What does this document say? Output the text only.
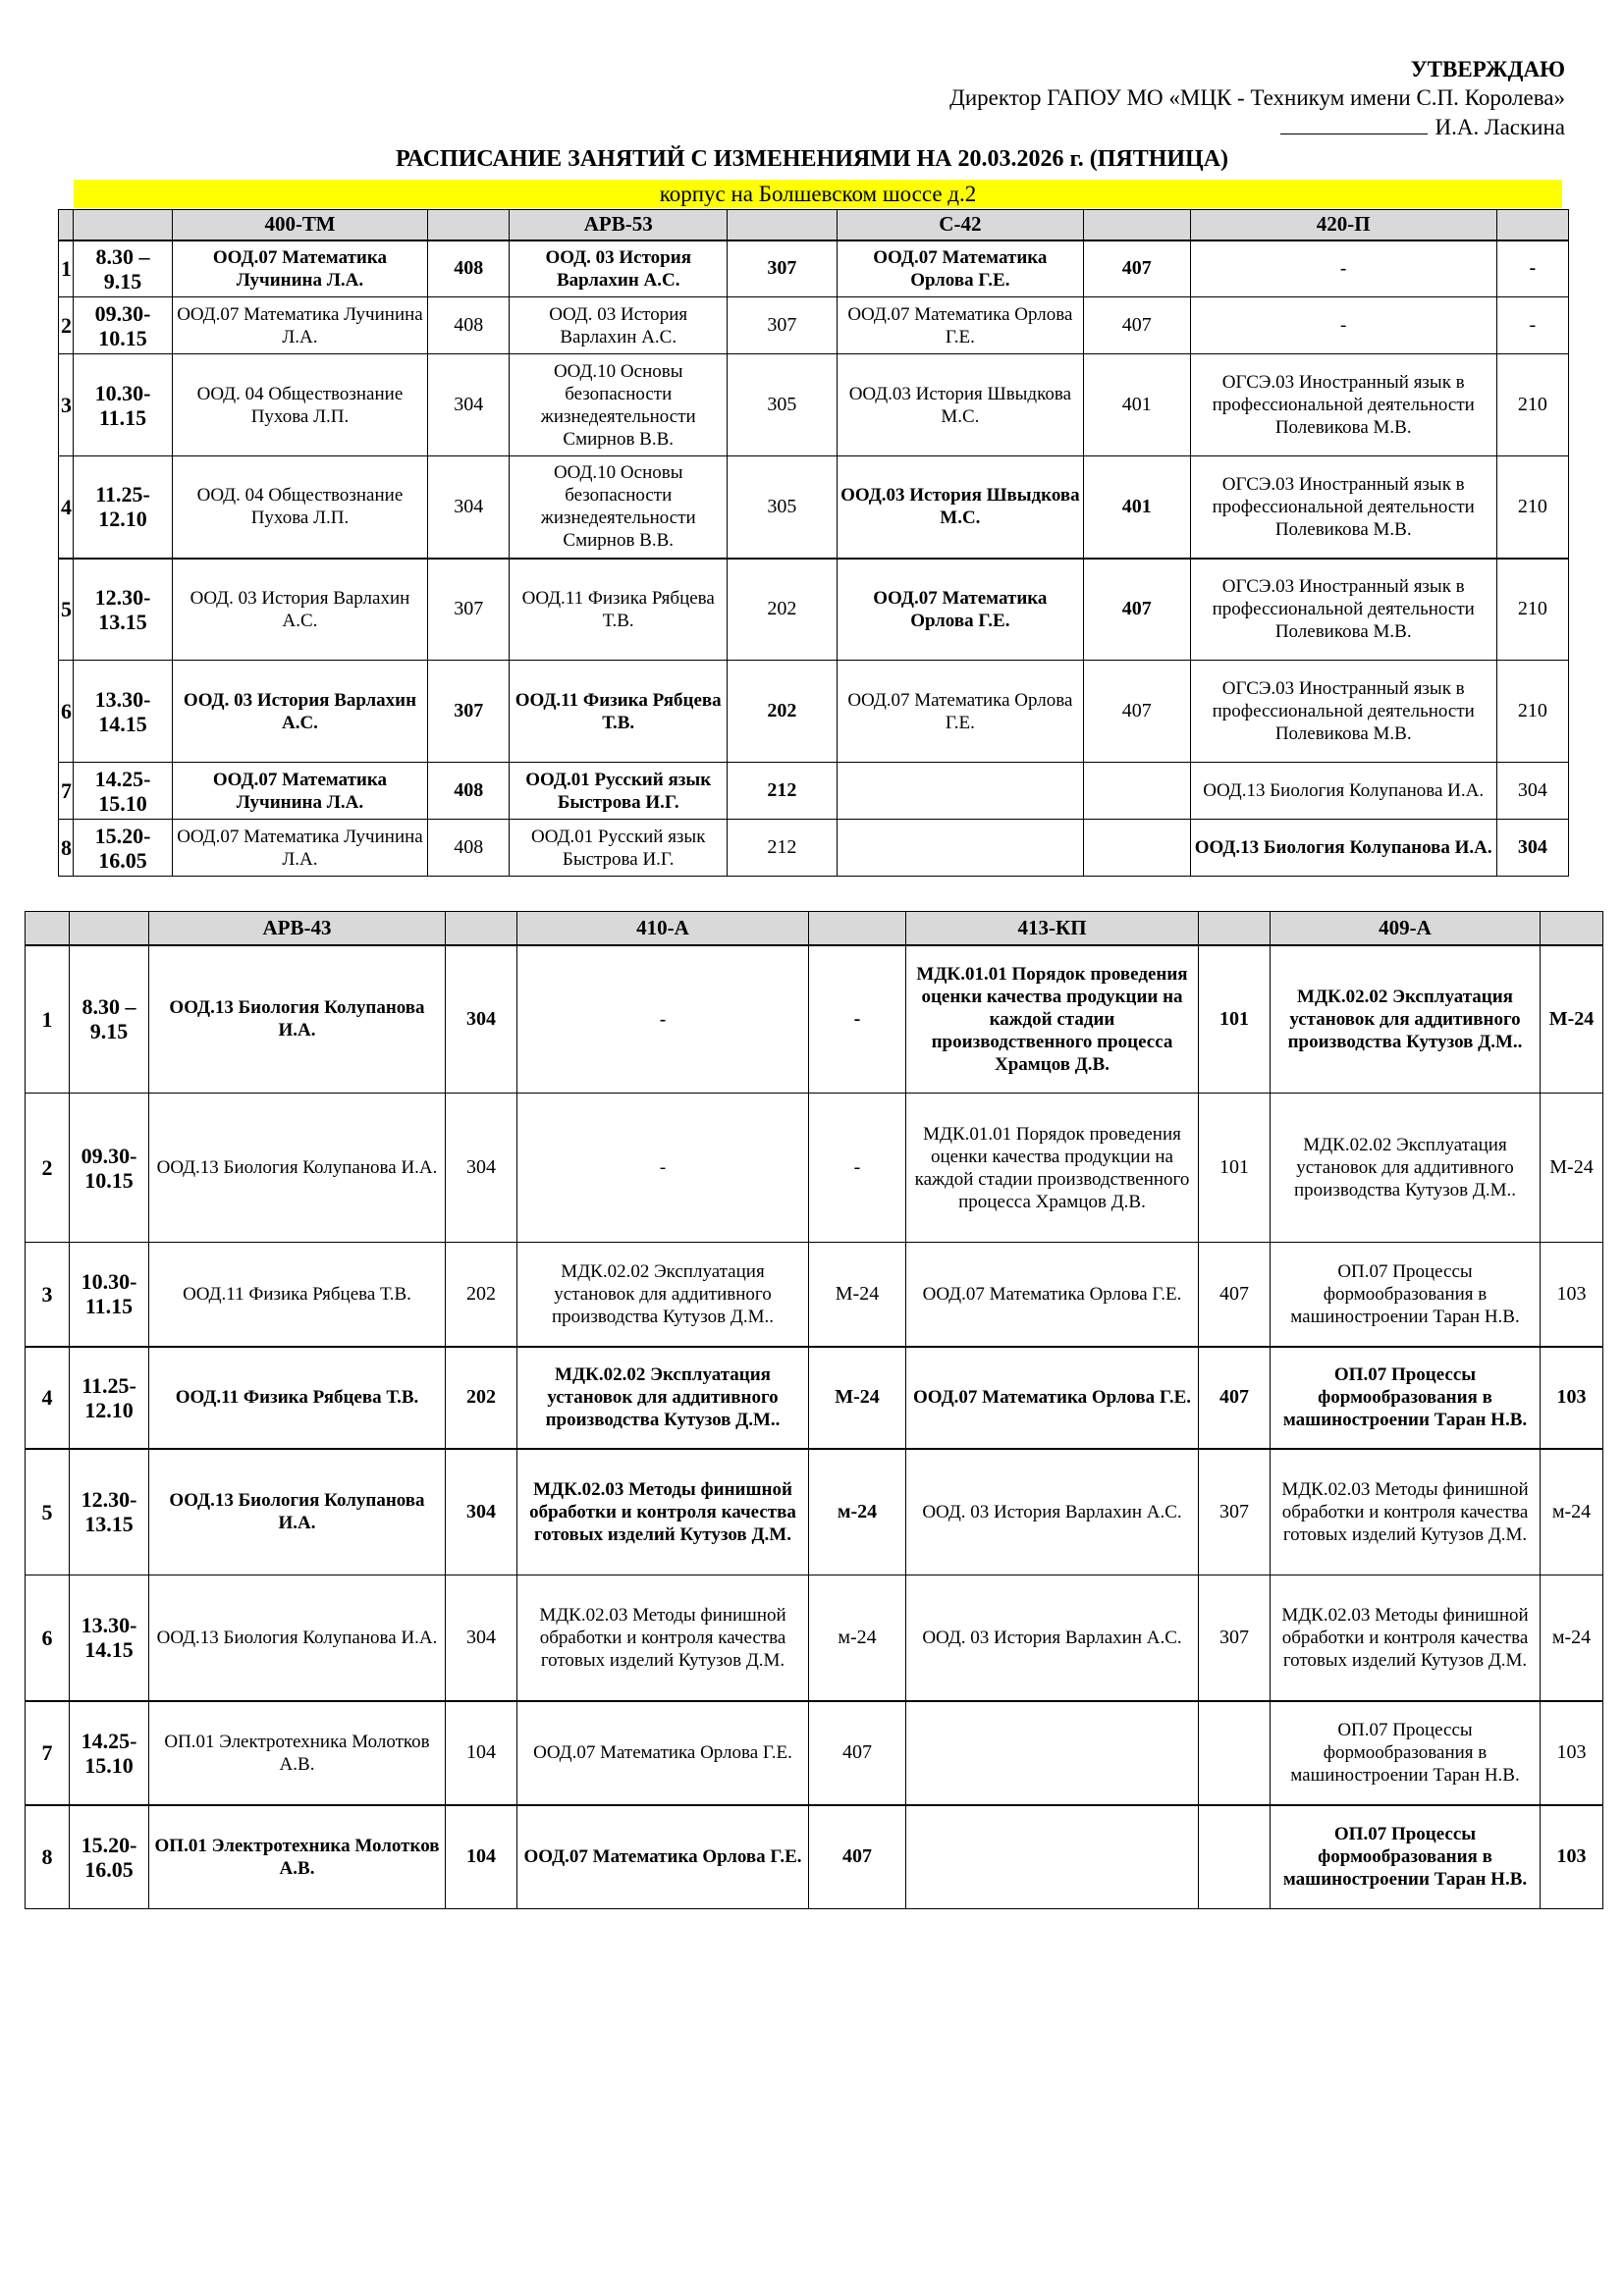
УТВЕРЖДАЮ
Директор ГАПОУ МО «МЦК - Техникум имени С.П. Королева»
И.А. Ласкина
РАСПИСАНИЕ ЗАНЯТИЙ С ИЗМЕНЕНИЯМИ НА 20.03.2026 г. (ПЯТНИЦА)
корпус на Болшевском шоссе д.2
		400-ТМ		АРВ-53		С-42		420-П	
1	8.30 – 9.15	ООД.07 Математика Лучинина Л.А.	408	ООД. 03 История Варлахин А.С.	307	ООД.07 Математика Орлова Г.Е.	407	-	-
2	09.30-10.15	ООД.07 Математика Лучинина Л.А.	408	ООД. 03 История Варлахин А.С.	307	ООД.07 Математика Орлова Г.Е.	407	-	-
3	10.30-11.15	ООД. 04 Обществознание Пухова Л.П.	304	ООД.10 Основы безопасности жизнедеятельности Смирнов В.В.	305	ООД.03 История Швыдкова М.С.	401	ОГСЭ.03 Иностранный язык в профессиональной деятельности Полевикова М.В.	210
4	11.25-12.10	ООД. 04 Обществознание Пухова Л.П.	304	ООД.10 Основы безопасности жизнедеятельности Смирнов В.В.	305	ООД.03 История Швыдкова М.С.	401	ОГСЭ.03 Иностранный язык в профессиональной деятельности Полевикова М.В.	210
5	12.30-13.15	ООД. 03 История Варлахин А.С.	307	ООД.11 Физика Рябцева Т.В.	202	ООД.07 Математика Орлова Г.Е.	407	ОГСЭ.03 Иностранный язык в профессиональной деятельности Полевикова М.В.	210
6	13.30-14.15	ООД. 03 История Варлахин А.С.	307	ООД.11 Физика Рябцева Т.В.	202	ООД.07 Математика Орлова Г.Е.	407	ОГСЭ.03 Иностранный язык в профессиональной деятельности Полевикова М.В.	210
7	14.25-15.10	ООД.07 Математика Лучинина Л.А.	408	ООД.01 Русский язык Быстрова И.Г.	212			ООД.13 Биология Колупанова И.А.	304
8	15.20-16.05	ООД.07 Математика Лучинина Л.А.	408	ООД.01 Русский язык Быстрова И.Г.	212			ООД.13 Биология Колупанова И.А.	304
		АРВ-43		410-А		413-КП		409-А	
1	8.30 – 9.15	ООД.13 Биология Колупанова И.А.	304	-	-	МДК.01.01 Порядок проведения оценки качества продукции на каждой стадии производственного процесса Храмцов Д.В.	101	МДК.02.02 Эксплуатация установок для аддитивного производства Кутузов Д.М..	М-24
2	09.30-10.15	ООД.13 Биология Колупанова И.А.	304	-	-	МДК.01.01 Порядок проведения оценки качества продукции на каждой стадии производственного процесса Храмцов Д.В.	101	МДК.02.02 Эксплуатация установок для аддитивного производства Кутузов Д.М..	М-24
3	10.30-11.15	ООД.11 Физика Рябцева Т.В.	202	МДК.02.02 Эксплуатация установок для аддитивного производства Кутузов Д.М..	М-24	ООД.07 Математика Орлова Г.Е.	407	ОП.07 Процессы формообразования в машиностроении Таран Н.В.	103
4	11.25-12.10	ООД.11 Физика Рябцева Т.В.	202	МДК.02.02 Эксплуатация установок для аддитивного производства Кутузов Д.М..	М-24	ООД.07 Математика Орлова Г.Е.	407	ОП.07 Процессы формообразования в машиностроении Таран Н.В.	103
5	12.30-13.15	ООД.13 Биология Колупанова И.А.	304	МДК.02.03 Методы финишной обработки и контроля качества готовых изделий Кутузов Д.М.	м-24	ООД. 03 История Варлахин А.С.	307	МДК.02.03 Методы финишной обработки и контроля качества готовых изделий Кутузов Д.М.	м-24
6	13.30-14.15	ООД.13 Биология Колупанова И.А.	304	МДК.02.03 Методы финишной обработки и контроля качества готовых изделий Кутузов Д.М.	м-24	ООД. 03 История Варлахин А.С.	307	МДК.02.03 Методы финишной обработки и контроля качества готовых изделий Кутузов Д.М.	м-24
7	14.25-15.10	ОП.01 Электротехника Молотков А.В.	104	ООД.07 Математика Орлова Г.Е.	407			ОП.07 Процессы формообразования в машиностроении Таран Н.В.	103
8	15.20-16.05	ОП.01 Электротехника Молотков А.В.	104	ООД.07 Математика Орлова Г.Е.	407			ОП.07 Процессы формообразования в машиностроении Таран Н.В.	103
